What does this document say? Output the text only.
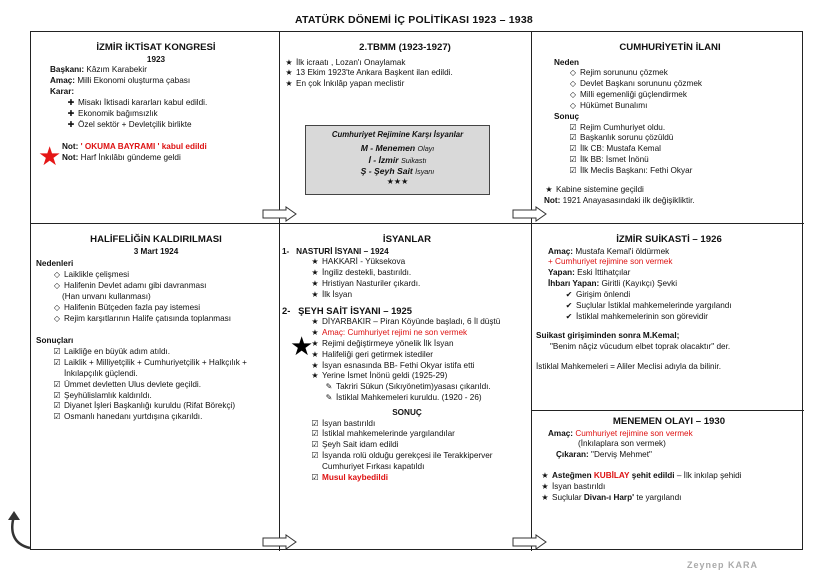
ATATÜRK DÖNEMİ İÇ POLİTİKASI 1923 – 1938
İZMİR İKTİSAT KONGRESİ
1923
Başkanı: Kâzım Karabekir
Amaç: Milli Ekonomi oluşturma çabası
Karar:
✚
Misakı İktisadi kararları kabul edildi.
✚
Ekonomik bağımsızlık
✚
Özel sektör + Devletçilik birlikte
Not: ' OKUMA BAYRAMI ' kabul edildi
Not: Harf İnkılâbı gündeme geldi
★
2.TBMM (1923-1927)
★
İlk icraatı , Lozan'ı Onaylamak
★
13 Ekim 1923'te Ankara Başkent ilan edildi.
★
En çok İnkılâp yapan meclistir
Cumhuriyet Rejimine Karşı İsyanlar
M - Menemen Olayı
İ - İzmir Suikastı
Ş - Şeyh Sait İsyanı
★★★
CUMHURİYETİN İLANI
Neden
◇
Rejim sorununu çözmek
◇
Devlet Başkanı sorununu çözmek
◇
Milli egemenliği güçlendirmek
◇
Hükümet Bunalımı
Sonuç
☑
Rejim Cumhuriyet oldu.
☑
Başkanlık sorunu çözüldü
☑
İlk CB: Mustafa Kemal
☑
İlk BB: İsmet İnönü
☑
İlk Meclis Başkanı: Fethi Okyar
★
Kabine sistemine geçildi
Not: 1921 Anayasasındaki ilk değişikliktir.
HALİFELİĞİN KALDIRILMASI
3 Mart 1924
Nedenleri
◇
Laiklikle çelişmesi
◇
Halifenin Devlet adamı gibi davranması
(Han unvanı kullanması)
◇
Halifenin Bütçeden fazla pay istemesi
◇
Rejim karşıtlarının Halife çatısında toplanması
Sonuçları
☑
Laikliğe en büyük adım atıldı.
☑
Laiklik + Milliyetçilik + Cumhuriyetçilik + Halkçılık + İnkılapçılık güçlendi.
☑
Ümmet devletten Ulus devlete geçildi.
☑
Şeyhülislamlık kaldırıldı.
☑
Diyanet İşleri Başkanlığı kuruldu (Rifat Börekçi)
☑
Osmanlı hanedanı yurtdışına çıkarıldı.
İSYANLAR
1- NASTURİ İSYANI – 1924
★
HAKKARİ - Yüksekova
★
İngiliz destekli, bastırıldı.
★
Hristiyan Nasturiler çıkardı.
★
İlk İsyan
2- ŞEYH SAİT İSYANI – 1925
★
DİYARBAKIR – Piran Köyünde başladı, 6 İl düştü
★
Amaç: Cumhuriyet rejimi ne son vermek
★
Rejimi değiştirmeye yönelik İlk İsyan
★
Halifeliği geri getirmek istediler
★
İsyan esnasında BB- Fethi Okyar istifa etti
★
Yerine İsmet İnönü geldi (1925-29)
✎
Takriri Sükun (Sıkıyönetim)yasası çıkarıldı.
✎
İstiklal Mahkemeleri kuruldu. (1920 - 26)
SONUÇ
☑
İsyan bastırıldı
☑
İstiklal mahkemelerinde yargılandılar
☑
Şeyh Sait idam edildi
☑
İsyanda rolü olduğu gerekçesi ile Terakkiperver Cumhuriyet Fırkası kapatıldı
☑
Musul kaybedildi
★
İZMİR SUİKASTİ – 1926
Amaç: Mustafa Kemal'i öldürmek
+ Cumhuriyet rejimine son vermek
Yapan: Eski İttihatçılar
İhbarı Yapan: Giritli (Kayıkçı) Şevki
✔
Girişim önlendi
✔
Suçlular İstiklal mahkemelerinde yargılandı
✔
İstiklal mahkemelerinin son görevidir
Suikast girişiminden sonra M.Kemal;
"Benim nâçiz vücudum elbet toprak olacaktır" der.
İstiklal Mahkemeleri = Aliler Meclisi adıyla da bilinir.
MENEMEN OLAYI – 1930
Amaç: Cumhuriyet rejimine son vermek
(İnkılaplara son vermek)
Çıkaran: "Derviş Mehmet"
★
Asteğmen KUBİLAY şehit edildi – İlk inkılap şehidi
★
İsyan bastırıldı
★
Suçlular Divan-ı Harp' te yargılandı
Zeynep KARA
